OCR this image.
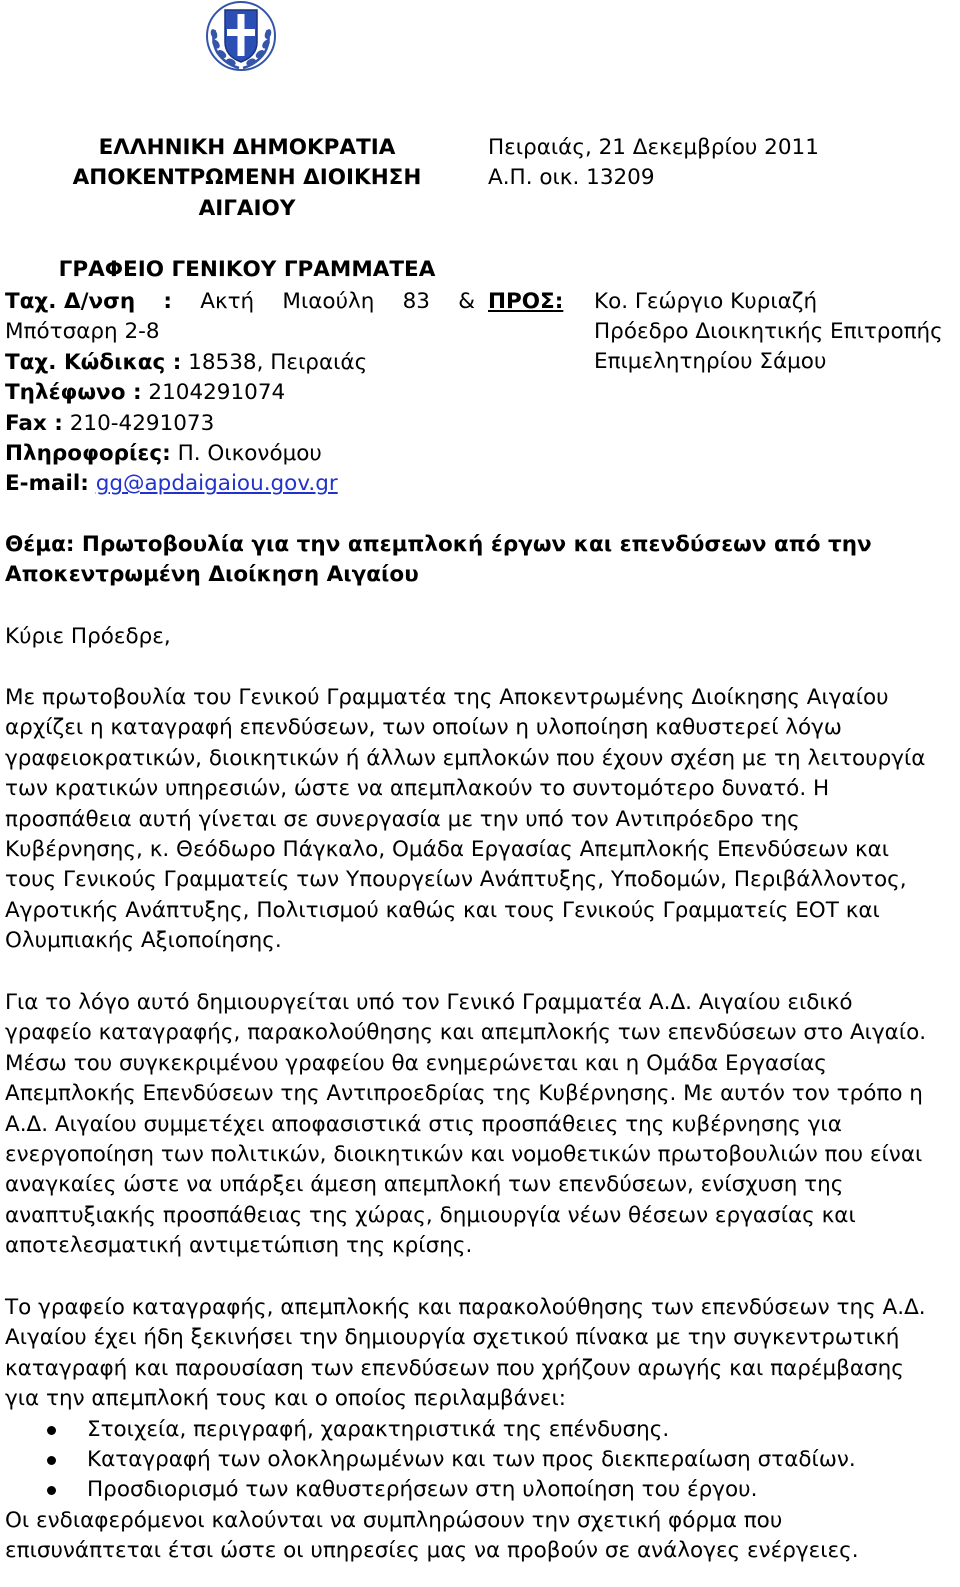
ΕΛΛΗΝΙΚΗ ΔΗΜΟΚΡΑΤΙΑ
ΑΠΟΚΕΝΤΡΩΜΕΝΗ ΔΙΟΙΚΗΣΗ
ΑΙΓΑΙΟΥ
ΓΡΑΦΕΙΟ ΓΕΝΙΚΟΥ ΓΡΑΜΜΑΤΕΑ
Πειραιάς, 21 Δεκεμβρίου 2011
Α.Π. οικ. 13209
Ταχ. Δ/νση : Ακτή Μιαούλη 83 &
Μπότσαρη 2-8
Ταχ. Κώδικας : 18538, Πειραιάς
Τηλέφωνο : 2104291074
Fax : 210-4291073
Πληροφορίες: Π. Οικονόμου
E-mail: gg@apdaigaiou.gov.gr
ΠΡΟΣ: Κο. Γεώργιο Κυριαζή
Πρόεδρο Διοικητικής Επιτροπής
Επιμελητηρίου Σάμου
Θέμα: Πρωτοβουλία για την απεμπλοκή έργων και επενδύσεων από την
Αποκεντρωμένη Διοίκηση Αιγαίου
Κύριε Πρόεδρε,
Με πρωτοβουλία του Γενικού Γραμματέα της Αποκεντρωμένης Διοίκησης Αιγαίου
αρχίζει η καταγραφή επενδύσεων, των οποίων η υλοποίηση καθυστερεί λόγω
γραφειοκρατικών, διοικητικών ή άλλων εμπλοκών που έχουν σχέση με τη λειτουργία
των κρατικών υπηρεσιών, ώστε να απεμπλακούν το συντομότερο δυνατό. Η
προσπάθεια αυτή γίνεται σε συνεργασία με την υπό τον Αντιπρόεδρο της
Κυβέρνησης, κ. Θεόδωρο Πάγκαλο, Ομάδα Εργασίας Απεμπλοκής Επενδύσεων και
τους Γενικούς Γραμματείς των Υπουργείων Ανάπτυξης, Υποδομών, Περιβάλλοντος,
Αγροτικής Ανάπτυξης, Πολιτισμού καθώς και τους Γενικούς Γραμματείς ΕΟΤ και
Ολυμπιακής Αξιοποίησης.
Για το λόγο αυτό δημιουργείται υπό τον Γενικό Γραμματέα Α.Δ. Αιγαίου ειδικό
γραφείο καταγραφής, παρακολούθησης και απεμπλοκής των επενδύσεων στο Αιγαίο.
Μέσω του συγκεκριμένου γραφείου θα ενημερώνεται και η Ομάδα Εργασίας
Απεμπλοκής Επενδύσεων της Αντιπροεδρίας της Κυβέρνησης. Με αυτόν τον τρόπο η
Α.Δ. Αιγαίου συμμετέχει αποφασιστικά στις προσπάθειες της κυβέρνησης για
ενεργοποίηση των πολιτικών, διοικητικών και νομοθετικών πρωτοβουλιών που είναι
αναγκαίες ώστε να υπάρξει άμεση απεμπλοκή των επενδύσεων, ενίσχυση της
αναπτυξιακής προσπάθειας της χώρας, δημιουργία νέων θέσεων εργασίας και
αποτελεσματική αντιμετώπιση της κρίσης.
Το γραφείο καταγραφής, απεμπλοκής και παρακολούθησης των επενδύσεων της Α.Δ.
Αιγαίου έχει ήδη ξεκινήσει την δημιουργία σχετικού πίνακα με την συγκεντρωτική
καταγραφή και παρουσίαση των επενδύσεων που χρήζουν αρωγής και παρέμβασης
για την απεμπλοκή τους και ο οποίος περιλαμβάνει:
Στοιχεία, περιγραφή, χαρακτηριστικά της επένδυσης.
Καταγραφή των ολοκληρωμένων και των προς διεκπεραίωση σταδίων.
Προσδιορισμό των καθυστερήσεων στη υλοποίηση του έργου.
Οι ενδιαφερόμενοι καλούνται να συμπληρώσουν την σχετική φόρμα που
επισυνάπτεται έτσι ώστε οι υπηρεσίες μας να προβούν σε ανάλογες ενέργειες.
